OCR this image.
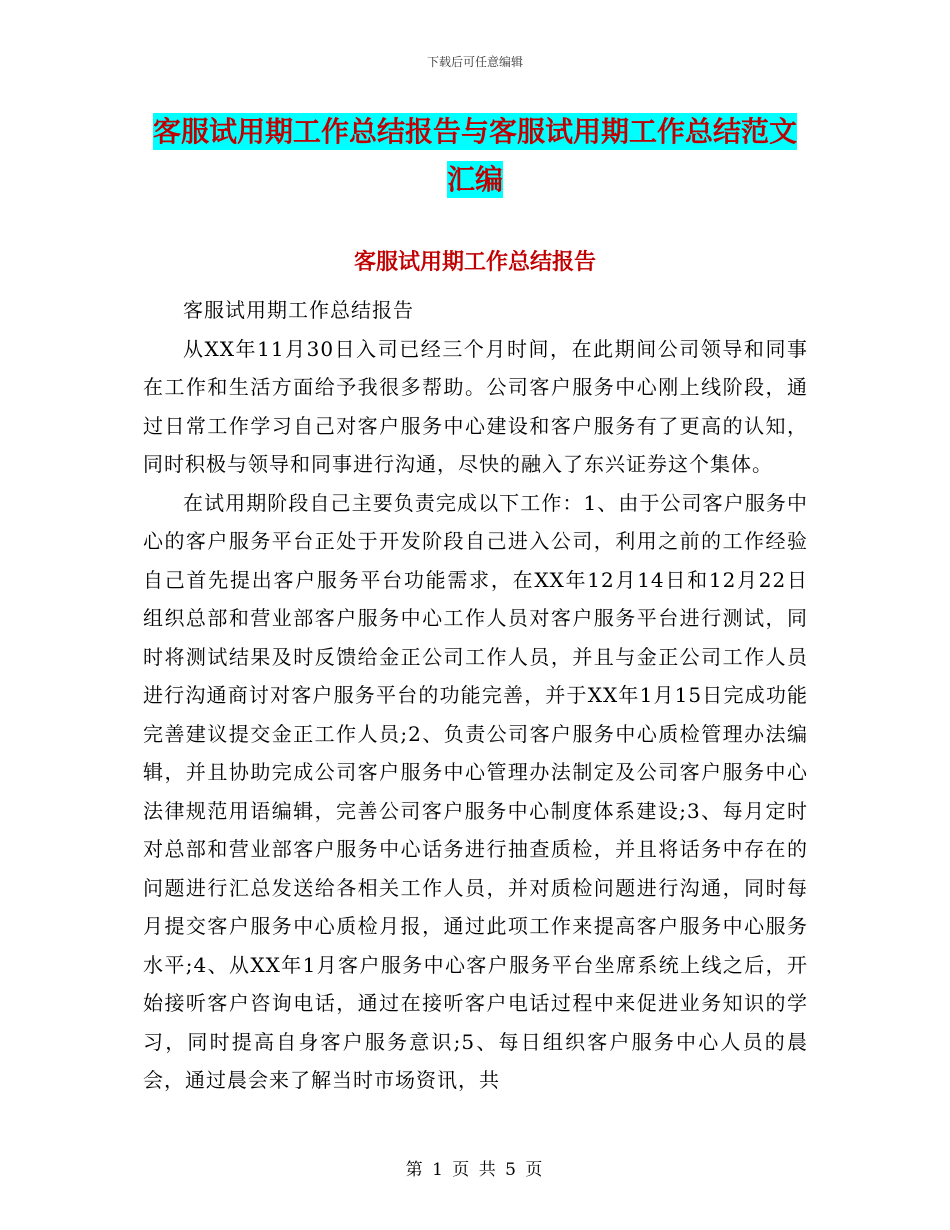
下载后可任意编辑
客服试用期工作总结报告与客服试用期工作总结范文汇编
客服试用期工作总结报告

客服试用期工作总结报告

从XX年11月30日入司已经三个月时间，在此期间公司领导和同事在工作和生活方面给予我很多帮助。公司客户服务中心刚上线阶段，通过日常工作学习自己对客户服务中心建设和客户服务有了更高的认知，同时积极与领导和同事进行沟通，尽快的融入了东兴证券这个集体。

在试用期阶段自己主要负责完成以下工作：1、由于公司客户服务中心的客户服务平台正处于开发阶段自己进入公司，利用之前的工作经验自己首先提出客户服务平台功能需求，在XX年12月14日和12月22日组织总部和营业部客户服务中心工作人员对客户服务平台进行测试，同时将测试结果及时反馈给金正公司工作人员，并且与金正公司工作人员进行沟通商讨对客户服务平台的功能完善，并于XX年1月15日完成功能完善建议提交金正工作人员;2、负责公司客户服务中心质检管理办法编辑，并且协助完成公司客户服务中心管理办法制定及公司客户服务中心法律规范用语编辑，完善公司客户服务中心制度体系建设;3、每月定时对总部和营业部客户服务中心话务进行抽查质检，并且将话务中存在的问题进行汇总发送给各相关工作人员，并对质检问题进行沟通，同时每月提交客户服务中心质检月报，通过此项工作来提高客户服务中心服务水平;4、从XX年1月客户服务中心客户服务平台坐席系统上线之后，开始接听客户咨询电话，通过在接听客户电话过程中来促进业务知识的学习，同时提高自身客户服务意识;5、每日组织客户服务中心人员的晨会，通过晨会来了解当时市场资讯，共

第 1 页 共 5 页
